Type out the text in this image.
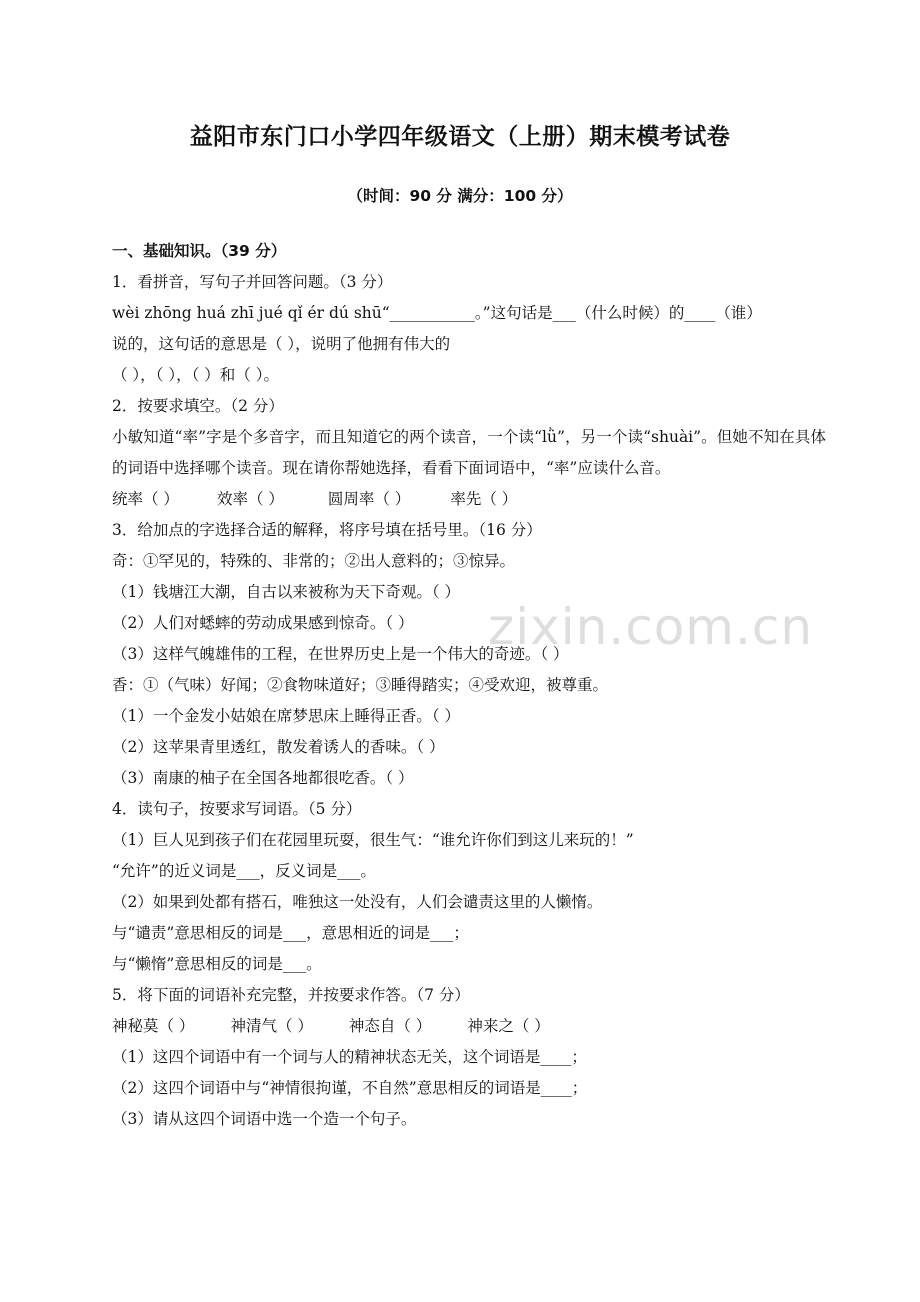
益阳市东门口小学四年级语文（上册）期末模考试卷
（时间：90 分 满分：100 分）
zixin.com.cn
一、基础知识。（39 分）
1．看拼音，写句子并回答问题。（3 分）
wèi zhōng huá zhī jué qǐ ér dú shū“___________。”这句话是___（什么时候）的____（谁）
说的，这句话的意思是（ ），说明了他拥有伟大的
（ ），（ ），（ ）和（ ）。
2．按要求填空。（2 分）
小敏知道“率”字是个多音字，而且知道它的两个读音，一个读“lǜ”，另一个读“shuài”。但她不知在具体的词语中选择哪个读音。现在请你帮她选择，看看下面词语中，“率”应读什么音。
统率（ ） 效率（ ）	圆周率（ ）	率先（ ）
3．给加点的字选择合适的解释，将序号填在括号里。（16 分）
奇：①罕见的，特殊的、非常的；②出人意料的；③惊异。
（1）钱塘江大潮，自古以来被称为天下奇观。（ ）
（2）人们对蟋蟀的劳动成果感到惊奇。（ ）
（3）这样气魄雄伟的工程，在世界历史上是一个伟大的奇迹。（ ）
香：①（气味）好闻；②食物味道好；③睡得踏实；④受欢迎，被尊重。
（1）一个金发小姑娘在席梦思床上睡得正香。（ ）
（2）这苹果青里透红，散发着诱人的香味。（ ）
（3）南康的柚子在全国各地都很吃香。（ ）
4．读句子，按要求写词语。（5 分）
（1）巨人见到孩子们在花园里玩耍，很生气：“谁允许你们到这儿来玩的！”
“允许”的近义词是___，反义词是___。
（2）如果到处都有搭石，唯独这一处没有，人们会谴责这里的人懒惰。
与“谴责”意思相反的词是___，意思相近的词是___；
与“懒惰”意思相反的词是___。
5．将下面的词语补充完整，并按要求作答。（7 分）
神秘莫（ ） 神清气（ ） 神态自（ ） 神来之（ ）
（1）这四个词语中有一个词与人的精神状态无关，这个词语是____；
（2）这四个词语中与“神情很拘谨，不自然”意思相反的词语是____；
（3）请从这四个词语中选一个造一个句子。
